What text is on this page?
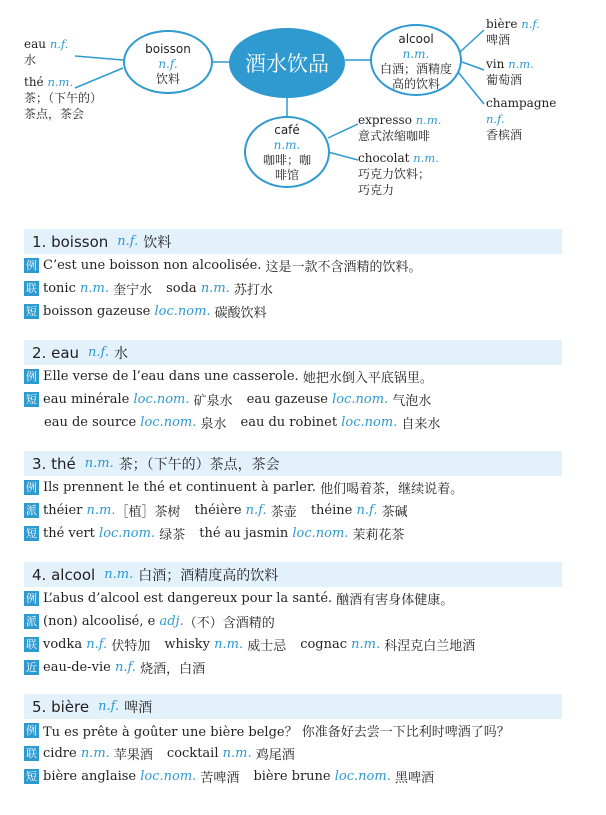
eau n.f.
水
thé n.m.
茶；（下午的）
茶点，茶会
boisson
n.f.
饮料
酒水饮品
alcool
n.m.
白酒；酒精度
高的饮料
café
n.m.
咖啡；咖
啡馆
bière n.f.
啤酒
vin n.m.
葡萄酒
champagne
n.f.
香槟酒
expresso n.m.
意式浓缩咖啡
chocolat n.m.
巧克力饮料；
巧克力
1. boisson n.f. 饮料
例 C’est une boisson non alcoolisée. 这是一款不含酒精的饮料。
联 tonic n.m. 奎宁水 soda n.m. 苏打水
短 boisson gazeuse loc.nom. 碳酸饮料
2. eau n.f. 水
例 Elle verse de l’eau dans une casserole. 她把水倒入平底锅里。
短 eau minérale loc.nom. 矿泉水 eau gazeuse loc.nom. 气泡水
eau de source loc.nom. 泉水 eau du robinet loc.nom. 自来水
3. thé n.m. 茶；（下午的）茶点，茶会
例 Ils prennent le thé et continuent à parler. 他们喝着茶，继续说着。
派 théier n.m. ［植］茶树 théière n.f. 茶壶 théine n.f. 茶碱
短 thé vert loc.nom. 绿茶 thé au jasmin loc.nom. 茉莉花茶
4. alcool n.m. 白酒；酒精度高的饮料
例 L’abus d’alcool est dangereux pour la santé. 酗酒有害身体健康。
派 (non) alcoolisé, e adj. （不）含酒精的
联 vodka n.f. 伏特加 whisky n.m. 威士忌 cognac n.m. 科涅克白兰地酒
近 eau-de-vie n.f. 烧酒，白酒
5. bière n.f. 啤酒
例 Tu es prête à goûter une bière belge？ 你准备好去尝一下比利时啤酒了吗？
联 cidre n.m. 苹果酒 cocktail n.m. 鸡尾酒
短 bière anglaise loc.nom. 苦啤酒 bière brune loc.nom. 黑啤酒
